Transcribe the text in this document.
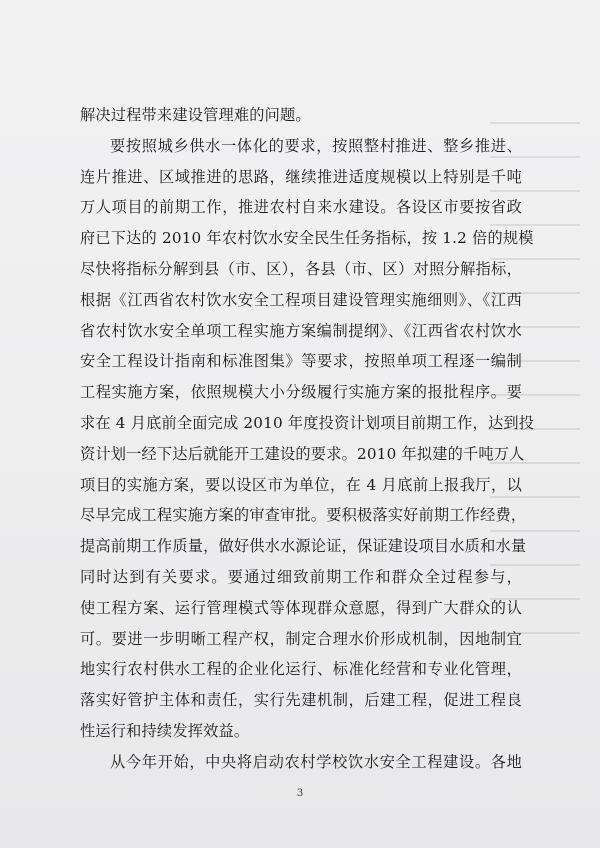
解决过程带来建设管理难的问题。
要按照城乡供水一体化的要求，按照整村推进、整乡推进、
连片推进、区域推进的思路，继续推进适度规模以上特别是千吨
万人项目的前期工作，推进农村自来水建设。各设区市要按省政
府已下达的 2010 年农村饮水安全民生任务指标，按 1.2 倍的规模
尽快将指标分解到县（市、区），各县（市、区）对照分解指标，
根据《江西省农村饮水安全工程项目建设管理实施细则》、《江西
省农村饮水安全单项工程实施方案编制提纲》、《江西省农村饮水
安全工程设计指南和标准图集》等要求，按照单项工程逐一编制
工程实施方案，依照规模大小分级履行实施方案的报批程序。要
求在 4 月底前全面完成 2010 年度投资计划项目前期工作，达到投
资计划一经下达后就能开工建设的要求。2010 年拟建的千吨万人
项目的实施方案，要以设区市为单位，在 4 月底前上报我厅，以
尽早完成工程实施方案的审查审批。要积极落实好前期工作经费，
提高前期工作质量，做好供水水源论证，保证建设项目水质和水量
同时达到有关要求。要通过细致前期工作和群众全过程参与，
使工程方案、运行管理模式等体现群众意愿，得到广大群众的认
可。要进一步明晰工程产权，制定合理水价形成机制，因地制宜
地实行农村供水工程的企业化运行、标准化经营和专业化管理，
落实好管护主体和责任，实行先建机制，后建工程，促进工程良
性运行和持续发挥效益。
从今年开始，中央将启动农村学校饮水安全工程建设。各地
3
